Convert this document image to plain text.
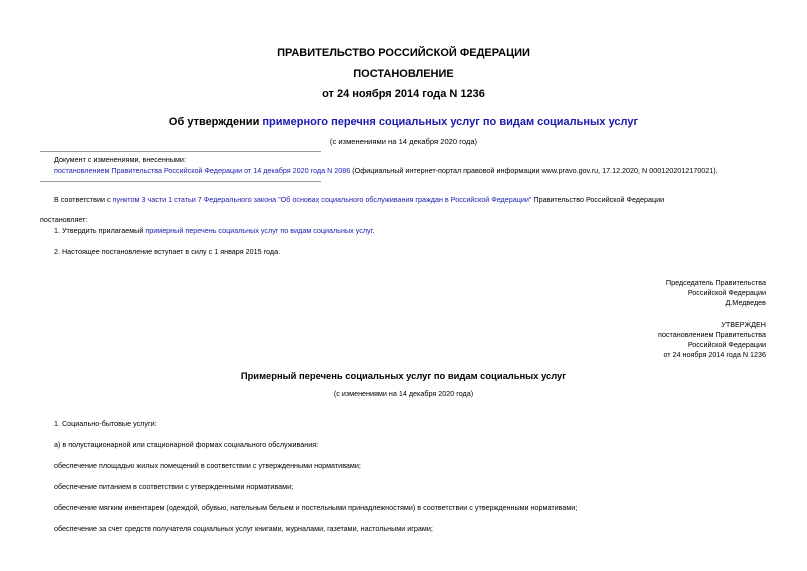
ПРАВИТЕЛЬСТВО РОССИЙСКОЙ ФЕДЕРАЦИИ
ПОСТАНОВЛЕНИЕ
от 24 ноября 2014 года N 1236
Об утверждении примерного перечня социальных услуг по видам социальных услуг
(с изменениями на 14 декабря 2020 года)
Документ с изменениями, внесенными:
постановлением Правительства Российской Федерации от 14 декабря 2020 года N 2086 (Официальный интернет-портал правовой информации www.pravo.gov.ru, 17.12.2020, N 0001202012170021).
В соответствии с пунктом 3 части 1 статьи 7 Федерального закона "Об основах социального обслуживания граждан в Российской Федерации" Правительство Российской Федерации
постановляет:
1. Утвердить прилагаемый примерный перечень социальных услуг по видам социальных услуг.
2. Настоящее постановление вступает в силу с 1 января 2015 года.
Председатель Правительства
Российской Федерации
Д.Медведев
УТВЕРЖДЕН
постановлением Правительства
Российской Федерации
от 24 ноября 2014 года N 1236
Примерный перечень социальных услуг по видам социальных услуг
(с изменениями на 14 декабря 2020 года)
1. Социально-бытовые услуги:
а) в полустационарной или стационарной формах социального обслуживания:
обеспечение площадью жилых помещений в соответствии с утвержденными нормативами;
обеспечение питанием в соответствии с утвержденными нормативами;
обеспечение мягким инвентарем (одеждой, обувью, нательным бельем и постельными принадлежностями) в соответствии с утвержденными нормативами;
обеспечение за счет средств получателя социальных услуг книгами, журналами, газетами, настольными играми;
